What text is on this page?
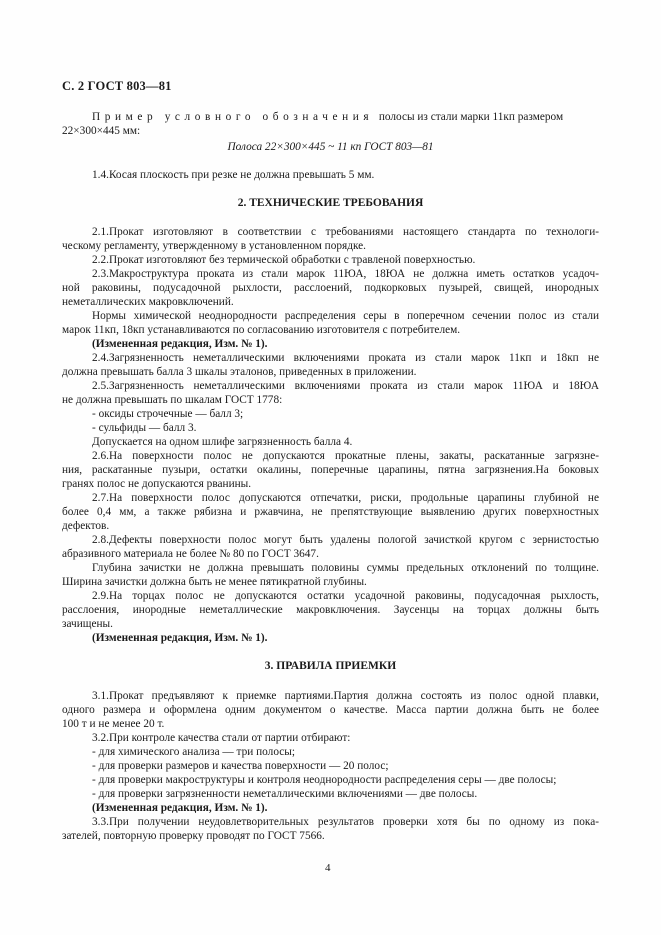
С. 2 ГОСТ 803—81
Пример условного обозначения полосы из стали марки 11кп размером
22×300×445 мм:
Полоса 22×300×445 ~ 11 кп ГОСТ 803—81
1.4.Косая плоскость при резке не должна превышать 5 мм.
2. ТЕХНИЧЕСКИЕ ТРЕБОВАНИЯ
2.1.Прокат изготовляют в соответствии с требованиями настоящего стандарта по технологи-
ческому регламенту, утвержденному в установленном порядке.
2.2.Прокат изготовляют без термической обработки с травленой поверхностью.
2.3.Макроструктура проката из стали марок 11ЮА, 18ЮА не должна иметь остатков усадоч-
ной раковины, подусадочной рыхлости, расслоений, подкорковых пузырей, свищей, инородных
неметаллических макровключений.
Нормы химической неоднородности распределения серы в поперечном сечении полос из стали
марок 11кп, 18кп устанавливаются по согласованию изготовителя с потребителем.
(Измененная редакция, Изм. № 1).
2.4.Загрязненность неметаллическими включениями проката из стали марок 11кп и 18кп не
должна превышать балла 3 шкалы эталонов, приведенных в приложении.
2.5.Загрязненность неметаллическими включениями проката из стали марок 11ЮА и 18ЮА
не должна превышать по шкалам ГОСТ 1778:
- оксиды строчечные — балл 3;
- сульфиды — балл 3.
Допускается на одном шлифе загрязненность балла 4.
2.6.На поверхности полос не допускаются прокатные плены, закаты, раскатанные загрязне-
ния, раскатанные пузыри, остатки окалины, поперечные царапины, пятна загрязнения.На боковых
гранях полос не допускаются рванины.
2.7.На поверхности полос допускаются отпечатки, риски, продольные царапины глубиной не
более 0,4 мм, а также рябизна и ржавчина, не препятствующие выявлению других поверхностных
дефектов.
2.8.Дефекты поверхности полос могут быть удалены пологой зачисткой кругом с зернистостью
абразивного материала не более № 80 по ГОСТ 3647.
Глубина зачистки не должна превышать половины суммы предельных отклонений по толщине.
Ширина зачистки должна быть не менее пятикратной глубины.
2.9.На торцах полос не допускаются остатки усадочной раковины, подусадочная рыхлость,
расслоения, инородные неметаллические макровключения. Заусенцы на торцах должны быть
зачищены.
(Измененная редакция, Изм. № 1).
3. ПРАВИЛА ПРИЕМКИ
3.1.Прокат предъявляют к приемке партиями.Партия должна состоять из полос одной плавки,
одного размера и оформлена одним документом о качестве. Масса партии должна быть не более
100 т и не менее 20 т.
3.2.При контроле качества стали от партии отбирают:
- для химического анализа — три полосы;
- для проверки размеров и качества поверхности — 20 полос;
- для проверки макроструктуры и контроля неоднородности распределения серы — две полосы;
- для проверки загрязненности неметаллическими включениями — две полосы.
(Измененная редакция, Изм. № 1).
3.3.При получении неудовлетворительных результатов проверки хотя бы по одному из пока-
зателей, повторную проверку проводят по ГОСТ 7566.
4
